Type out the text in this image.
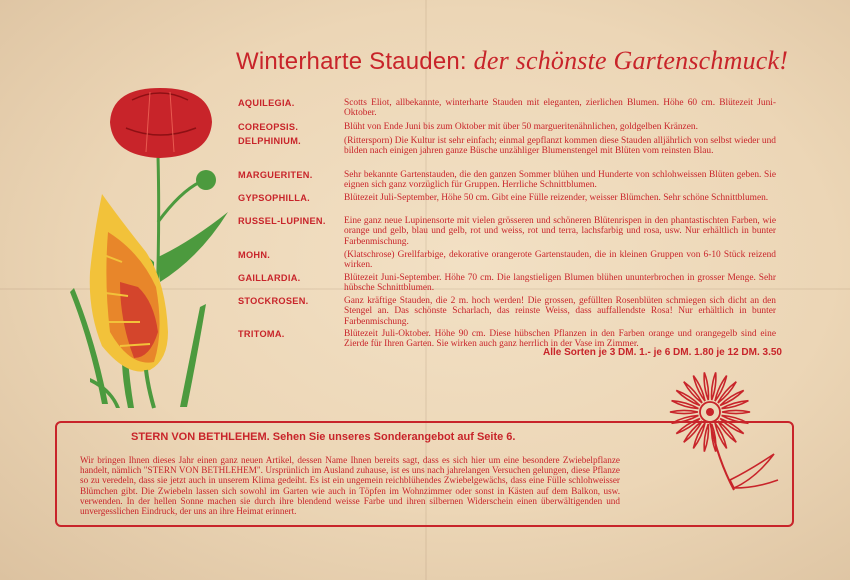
Winterharte Stauden: der schönste Gartenschmuck!
AQUILEGIA.	Scotts Eliot, allbekannte, winterharte Stauden mit eleganten, zierlichen Blumen. Höhe 60 cm. Blütezeit Juni-Oktober.
COREOPSIS.	Blüht von Ende Juni bis zum Oktober mit über 50 margueritenähnlichen, goldgelben Kränzen.
DELPHINIUM.	(Rittersporn) Die Kultur ist sehr einfach; einmal gepflanzt kommen diese Stauden alljährlich von selbst wieder und bilden nach einigen jahren ganze Büsche unzähliger Blumenstengel mit Blüten vom reinsten Blau.
MARGUERITEN.	Sehr bekannte Gartenstauden, die den ganzen Sommer blühen und Hunderte von schlohweissen Blüten geben. Sie eignen sich ganz vorzüglich für Gruppen. Herrliche Schnittblumen.
GYPSOPHILLA.	Blütezeit Juli-September, Höhe 50 cm. Gibt eine Fülle reizender, weisser Blümchen. Sehr schöne Schnittblumen.
RUSSEL-LUPINEN.	Eine ganz neue Lupinensorte mit vielen grösseren und schöneren Blütenrispen in den phantastischten Farben, wie orange und gelb, blau und gelb, rot und weiss, rot und terra, lachsfarbig und rosa, usw. Nur erhältlich in bunter Farbenmischung.
MOHN.	(Klatschrose) Grellfarbige, dekorative orangerote Gartenstauden, die in kleinen Gruppen von 6-10 Stück reizend wirken.
GAILLARDIA.	Blütezeit Juni-September. Höhe 70 cm. Die langstieligen Blumen blühen ununterbrochen in grosser Menge. Sehr hübsche Schnittblumen.
STOCKROSEN.	Ganz kräftige Stauden, die 2 m. hoch werden! Die grossen, gefüllten Rosenblüten schmiegen sich dicht an den Stengel an. Das schönste Scharlach, das reinste Weiss, dass auffallendste Rosa! Nur erhältlich in bunter Farbenmischung.
TRITOMA.	Blütezeit Juli-Oktober. Höhe 90 cm. Diese hübschen Pflanzen in den Farben orange und orangegelb sind eine Zierde für Ihren Garten. Sie wirken auch ganz herrlich in der Vase im Zimmer.
Alle Sorten je 3 DM. 1.- je 6 DM. 1.80 je 12 DM. 3.50
STERN VON BETHLEHEM. Sehen Sie unseres Sonderangebot auf Seite 6.
Wir bringen Ihnen dieses Jahr einen ganz neuen Artikel, dessen Name Ihnen bereits sagt, dass es sich hier um eine besondere Zwiebelpflanze handelt, nämlich "STERN VON BETHLEHEM". Ursprünlich im Ausland zuhause, ist es uns nach jahrelangen Versuchen gelungen, diese Pflanze so zu veredeln, dass sie jetzt auch in unserem Klima gedeiht. Es ist ein ungemein reichblühendes Zwiebelgewächs, dass eine Fülle schlohweisser Blümchen gibt. Die Zwiebeln lassen sich sowohl im Garten wie auch in Töpfen im Wohnzimmer oder sonst in Kästen auf dem Balkon, usw. verwenden. In der hellen Sonne machen sie durch ihre blendend weisse Farbe und ihren silbernen Widerschein einen überwältigenden und unvergesslichen Eindruck, der uns an ihre Heimat erinnert.
